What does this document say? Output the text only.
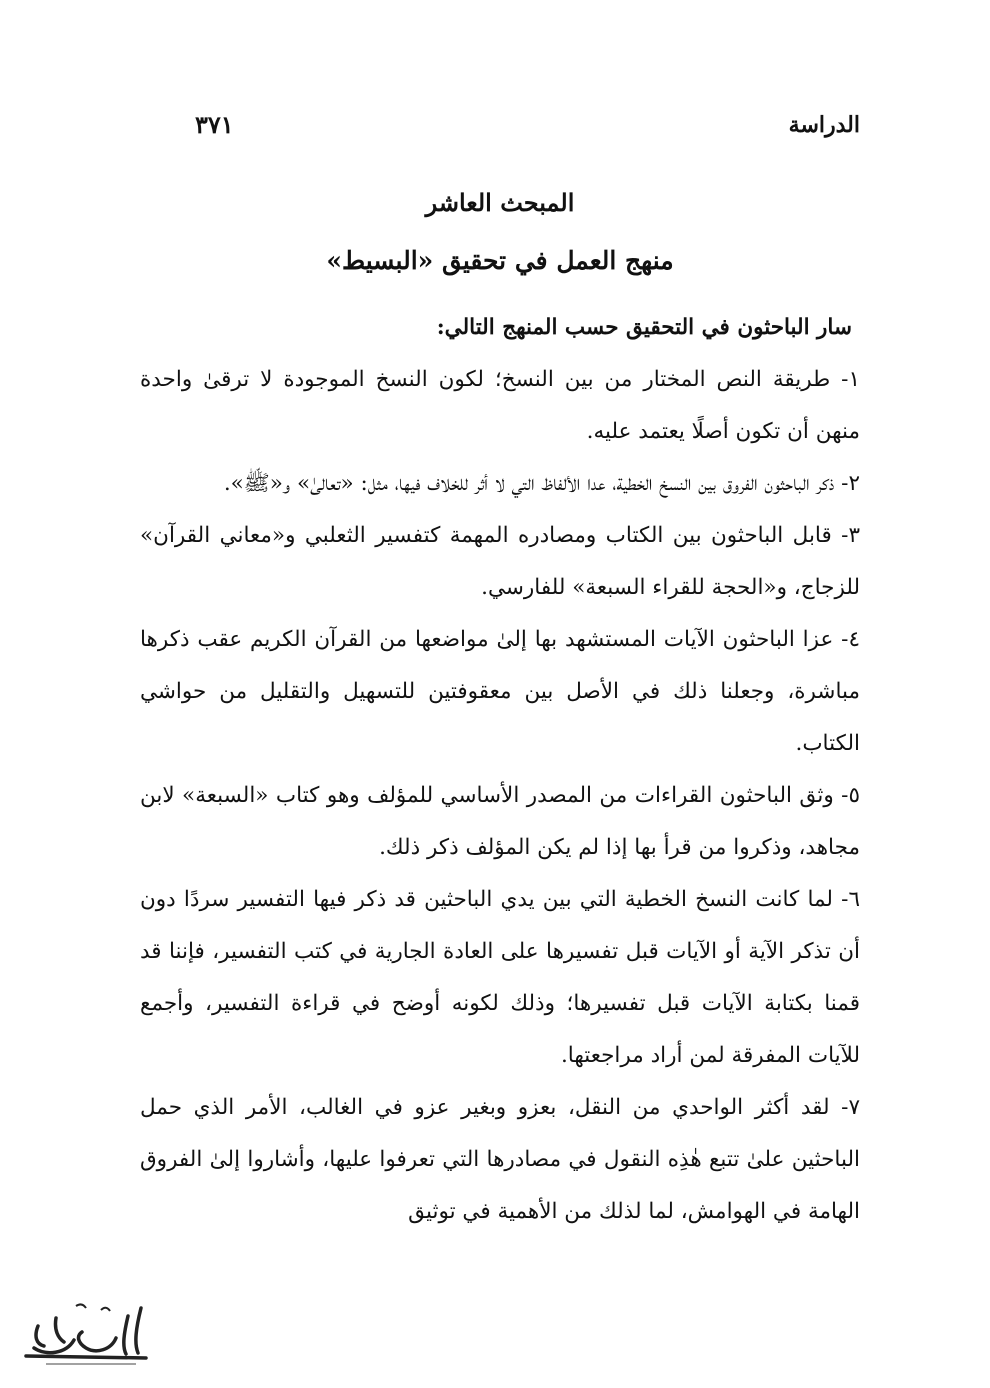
الدراسة
٣٧١
المبحث العاشر
منهج العمل في تحقيق «البسيط»

سار الباحثون في التحقيق حسب المنهج التالي:

١- طريقة النص المختار من بين النسخ؛ لكون النسخ الموجودة لا ترقىٰ واحدة منهن أن تكون أصلًا يعتمد عليه.

٢- ذكر الباحثون الفروق بين النسخ الخطية، عدا الألفاظ التي لا أثر للخلاف فيها، مثل: «تعالىٰ» و«ﷺ».

٣- قابل الباحثون بين الكتاب ومصادره المهمة كتفسير الثعلبي و«معاني القرآن» للزجاج، و«الحجة للقراء السبعة» للفارسي.

٤- عزا الباحثون الآيات المستشهد بها إلىٰ مواضعها من القرآن الكريم عقب ذكرها مباشرة، وجعلنا ذلك في الأصل بين معقوفتين للتسهيل والتقليل من حواشي الكتاب.

٥- وثق الباحثون القراءات من المصدر الأساسي للمؤلف وهو كتاب «السبعة» لابن مجاهد، وذكروا من قرأ بها إذا لم يكن المؤلف ذكر ذلك.

٦- لما كانت النسخ الخطية التي بين يدي الباحثين قد ذكر فيها التفسير سردًا دون أن تذكر الآية أو الآيات قبل تفسيرها على العادة الجارية في كتب التفسير، فإننا قد قمنا بكتابة الآيات قبل تفسيرها؛ وذلك لكونه أوضح في قراءة التفسير، وأجمع للآيات المفرقة لمن أراد مراجعتها.

٧- لقد أكثر الواحدي من النقل، بعزو وبغير عزو في الغالب، الأمر الذي حمل الباحثين علىٰ تتبع هٰذِه النقول في مصادرها التي تعرفوا عليها، وأشاروا إلىٰ الفروق الهامة في الهوامش، لما لذلك من الأهمية في توثيق
